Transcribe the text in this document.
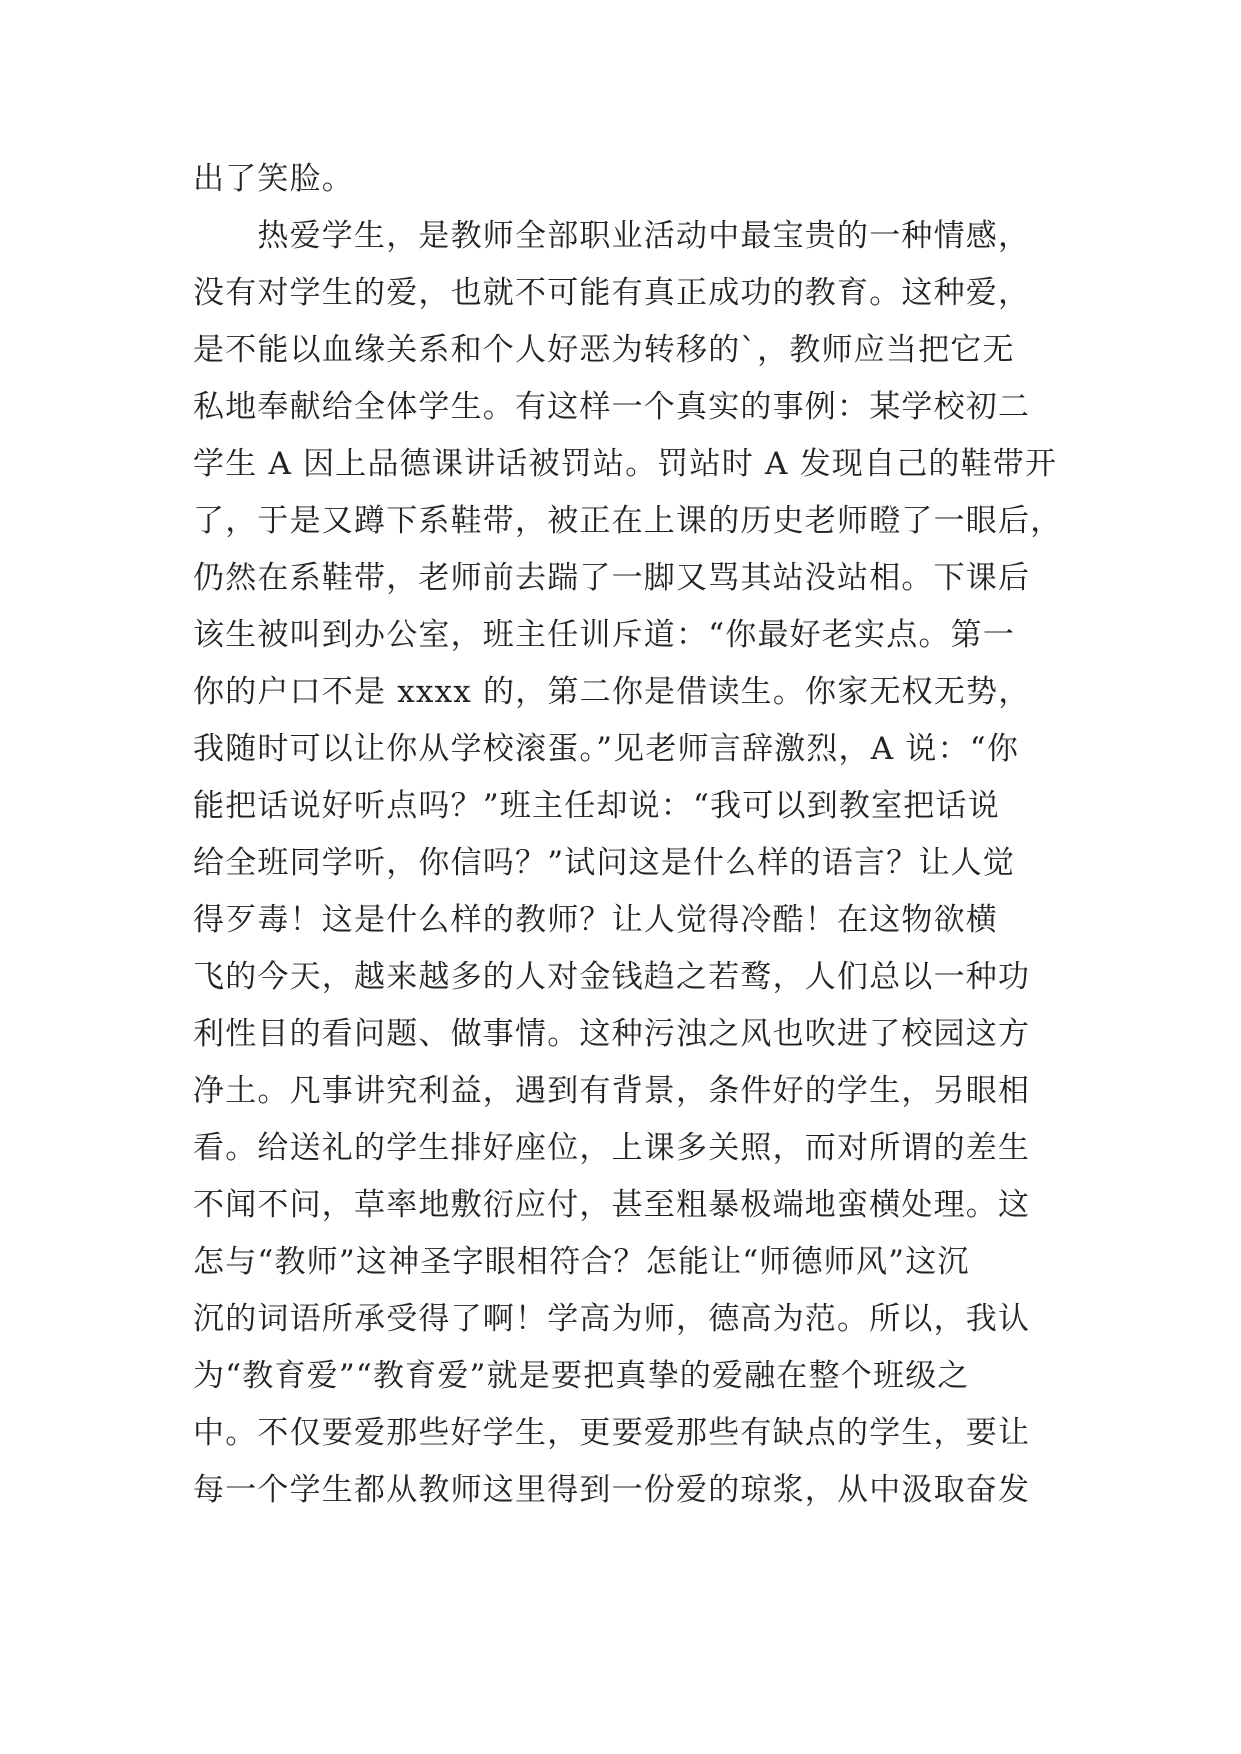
出了笑脸。
　　热爱学生，是教师全部职业活动中最宝贵的一种情感，
没有对学生的爱，也就不可能有真正成功的教育。这种爱，
是不能以血缘关系和个人好恶为转移的`，教师应当把它无
私地奉献给全体学生。有这样一个真实的事例：某学校初二
学生 A 因上品德课讲话被罚站。罚站时 A 发现自己的鞋带开
了，于是又蹲下系鞋带，被正在上课的历史老师瞪了一眼后，
仍然在系鞋带，老师前去踹了一脚又骂其站没站相。下课后
该生被叫到办公室，班主任训斥道：“你最好老实点。第一
你的户口不是 xxxx 的，第二你是借读生。你家无权无势，
我随时可以让你从学校滚蛋。”见老师言辞激烈，A 说：“你
能把话说好听点吗？”班主任却说：“我可以到教室把话说
给全班同学听，你信吗？”试问这是什么样的语言？让人觉
得歹毒！这是什么样的教师？让人觉得冷酷！在这物欲横
飞的今天，越来越多的人对金钱趋之若鹜，人们总以一种功
利性目的看问题、做事情。这种污浊之风也吹进了校园这方
净土。凡事讲究利益，遇到有背景，条件好的学生，另眼相
看。给送礼的学生排好座位，上课多关照，而对所谓的差生
不闻不问，草率地敷衍应付，甚至粗暴极端地蛮横处理。这
怎与“教师”这神圣字眼相符合？怎能让“师德师风”这沉
沉的词语所承受得了啊！学高为师，德高为范。所以，我认
为“教育爱”“教育爱”就是要把真挚的爱融在整个班级之
中。不仅要爱那些好学生，更要爱那些有缺点的学生，要让
每一个学生都从教师这里得到一份爱的琼浆，从中汲取奋发
